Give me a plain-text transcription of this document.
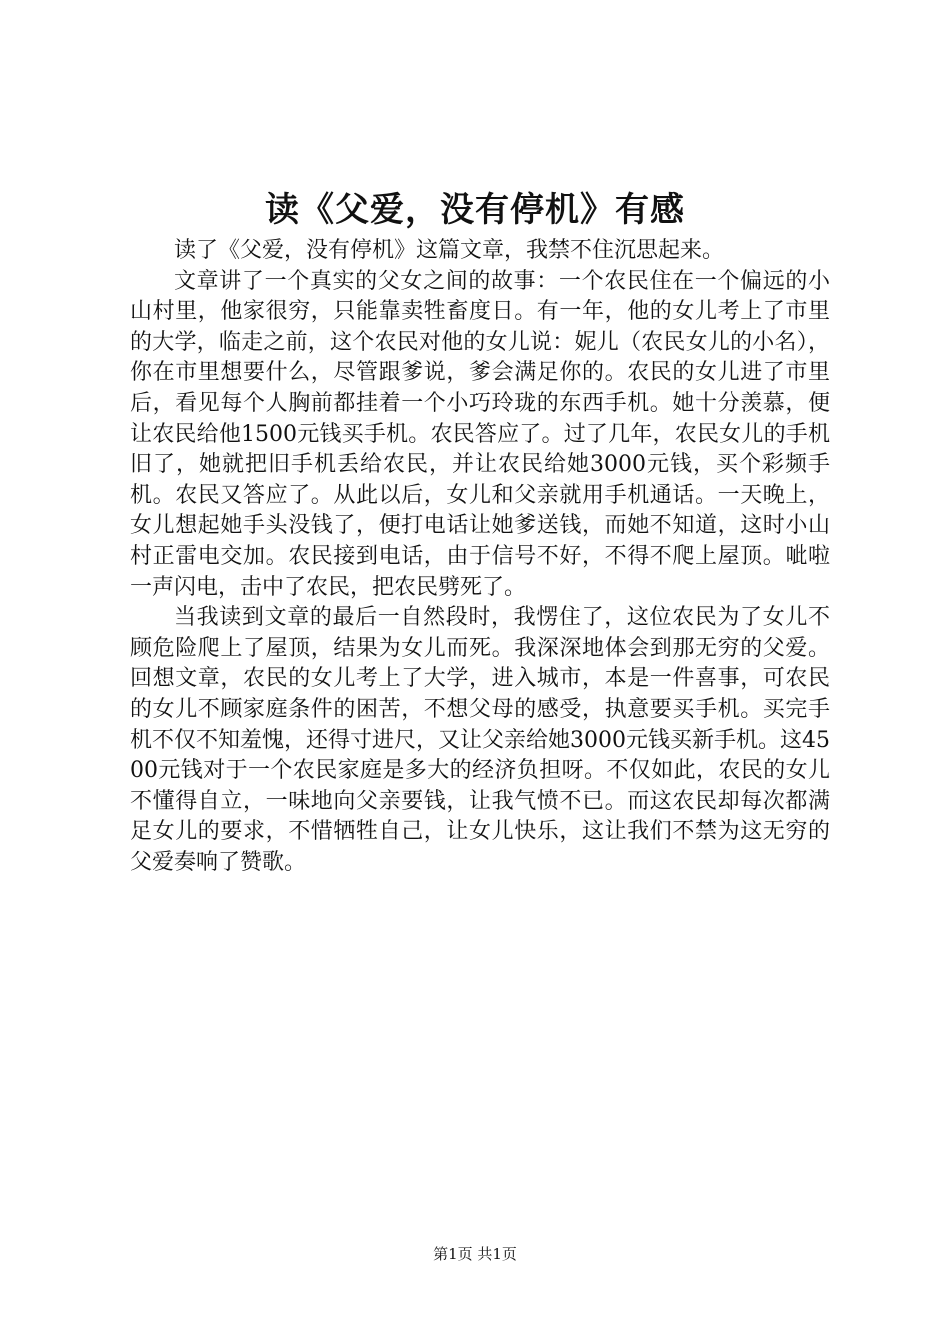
读《父爱，没有停机》有感

读了《父爱，没有停机》这篇文章，我禁不住沉思起来。

文章讲了一个真实的父女之间的故事：一个农民住在一个偏远的小山村里，他家很穷，只能靠卖牲畜度日。有一年，他的女儿考上了市里的大学，临走之前，这个农民对他的女儿说：妮儿（农民女儿的小名），你在市里想要什么，尽管跟爹说，爹会满足你的。农民的女儿进了市里后，看见每个人胸前都挂着一个小巧玲珑的东西手机。她十分羡慕，便让农民给他1500元钱买手机。农民答应了。过了几年，农民女儿的手机旧了，她就把旧手机丢给农民，并让农民给她3000元钱，买个彩频手机。农民又答应了。从此以后，女儿和父亲就用手机通话。一天晚上，女儿想起她手头没钱了，便打电话让她爹送钱，而她不知道，这时小山村正雷电交加。农民接到电话，由于信号不好，不得不爬上屋顶。呲啦一声闪电，击中了农民，把农民劈死了。

当我读到文章的最后一自然段时，我愣住了，这位农民为了女儿不顾危险爬上了屋顶，结果为女儿而死。我深深地体会到那无穷的父爱。回想文章，农民的女儿考上了大学，进入城市，本是一件喜事，可农民的女儿不顾家庭条件的困苦，不想父母的感受，执意要买手机。买完手机不仅不知羞愧，还得寸进尺，又让父亲给她3000元钱买新手机。这4500元钱对于一个农民家庭是多大的经济负担呀。不仅如此，农民的女儿不懂得自立，一味地向父亲要钱，让我气愤不已。而这农民却每次都满足女儿的要求，不惜牺牲自己，让女儿快乐，这让我们不禁为这无穷的父爱奏响了赞歌。

第1页 共1页
